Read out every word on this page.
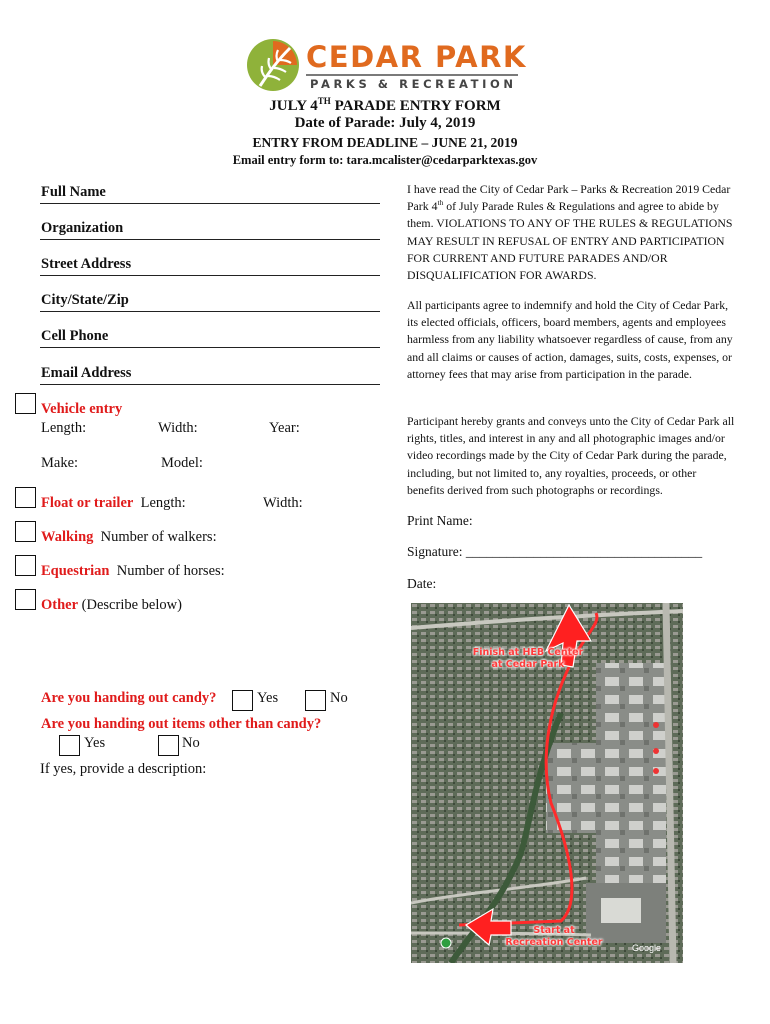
CEDAR PARK
PARKS & RECREATION
JULY 4TH PARADE ENTRY FORM
Date of Parade: July 4, 2019
ENTRY FROM DEADLINE – JUNE 21, 2019
Email entry form to: tara.mcalister@cedarparktexas.gov
Full Name
Organization
Street Address
City/State/Zip
Cell Phone
Email Address
Vehicle entry
Length:	Width:	Year:
Make:	Model:
Float or trailer Length:	Width:
Walking Number of walkers:
Equestrian Number of horses:
Other (Describe below)
Are you handing out candy?	Yes	No
Are you handing out items other than candy?
Yes	No
If yes, provide a description:
I have read the City of Cedar Park – Parks & Recreation 2019 Cedar Park 4th of July Parade Rules & Regulations and agree to abide by them. VIOLATIONS TO ANY OF THE RULES & REGULATIONS MAY RESULT IN REFUSAL OF ENTRY AND PARTICIPATION FOR CURRENT AND FUTURE PARADES AND/OR DISQUALIFICATION FOR AWARDS.
All participants agree to indemnify and hold the City of Cedar Park, its elected officials, officers, board members, agents and employees harmless from any liability whatsoever regardless of cause, from any and all claims or causes of action, damages, suits, costs, expenses, or attorney fees that may arise from participation in the parade.
Participant hereby grants and conveys unto the City of Cedar Park all rights, titles, and interest in any and all photographic images and/or video recordings made by the City of Cedar Park during the parade, including, but not limited to, any royalties, proceeds, or other benefits derived from such photographs or recordings.
Print Name:
Signature: ___________________________________
Date:
Finish at HEB Center
at Cedar Park
Start at
Recreation Center	Google
